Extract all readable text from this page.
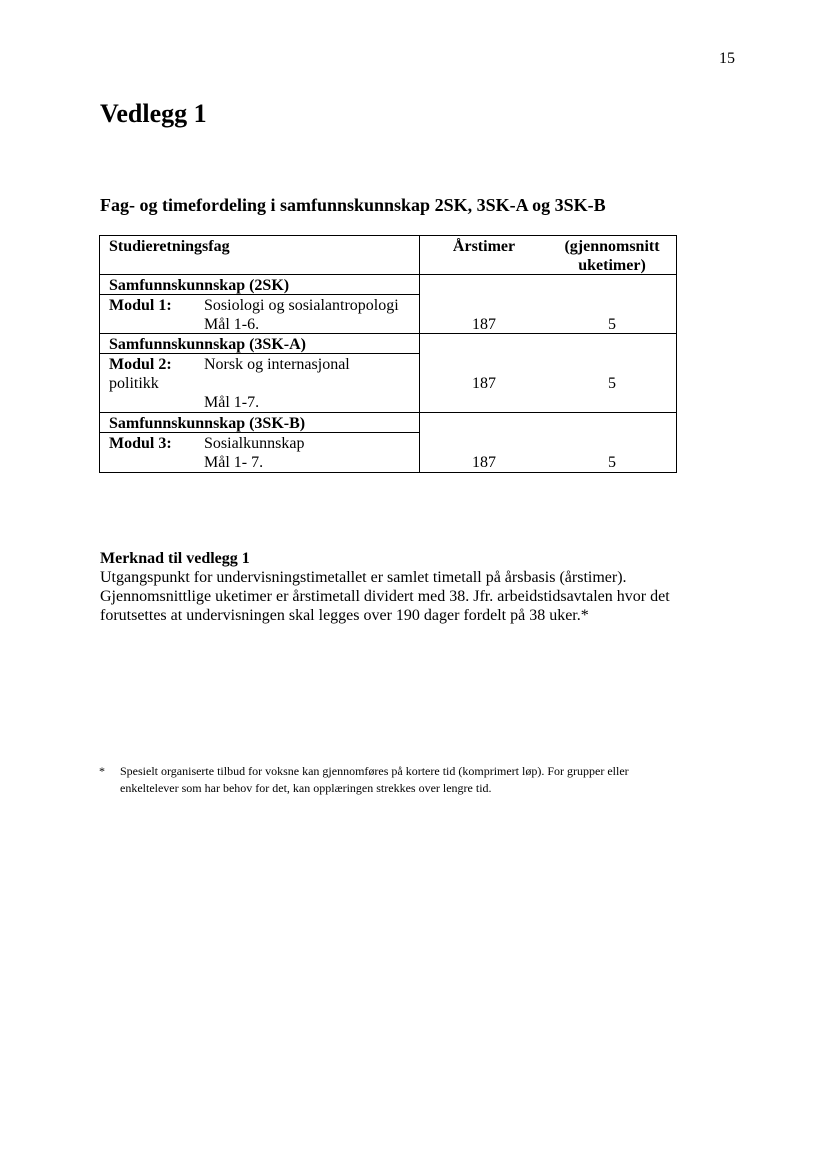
15
Vedlegg 1
Fag- og timefordeling i samfunnskunnskap 2SK, 3SK-A og 3SK-B
Studieretningsfag	Årstimer	(gjennomsnitt
uketimer)
Samfunnskunnskap (2SK)
Modul 1: Sosiologi og sosialantropologi
Mål 1-6.	187	5
Samfunnskunnskap (3SK-A)
Modul 2: Norsk og internasjonal
politikk
Mål 1-7.
187	5
Samfunnskunnskap (3SK-B)
Modul 3: Sosialkunnskap
Mål 1- 7.	187	5
Merknad til vedlegg 1
Utgangspunkt for undervisningstimetallet er samlet timetall på årsbasis (årstimer).
Gjennomsnittlige uketimer er årstimetall dividert med 38. Jfr. arbeidstidsavtalen hvor det
forutsettes at undervisningen skal legges over 190 dager fordelt på 38 uker.*
* Spesielt organiserte tilbud for voksne kan gjennomføres på kortere tid (komprimert løp). For grupper eller
enkeltelever som har behov for det, kan opplæringen strekkes over lengre tid.
